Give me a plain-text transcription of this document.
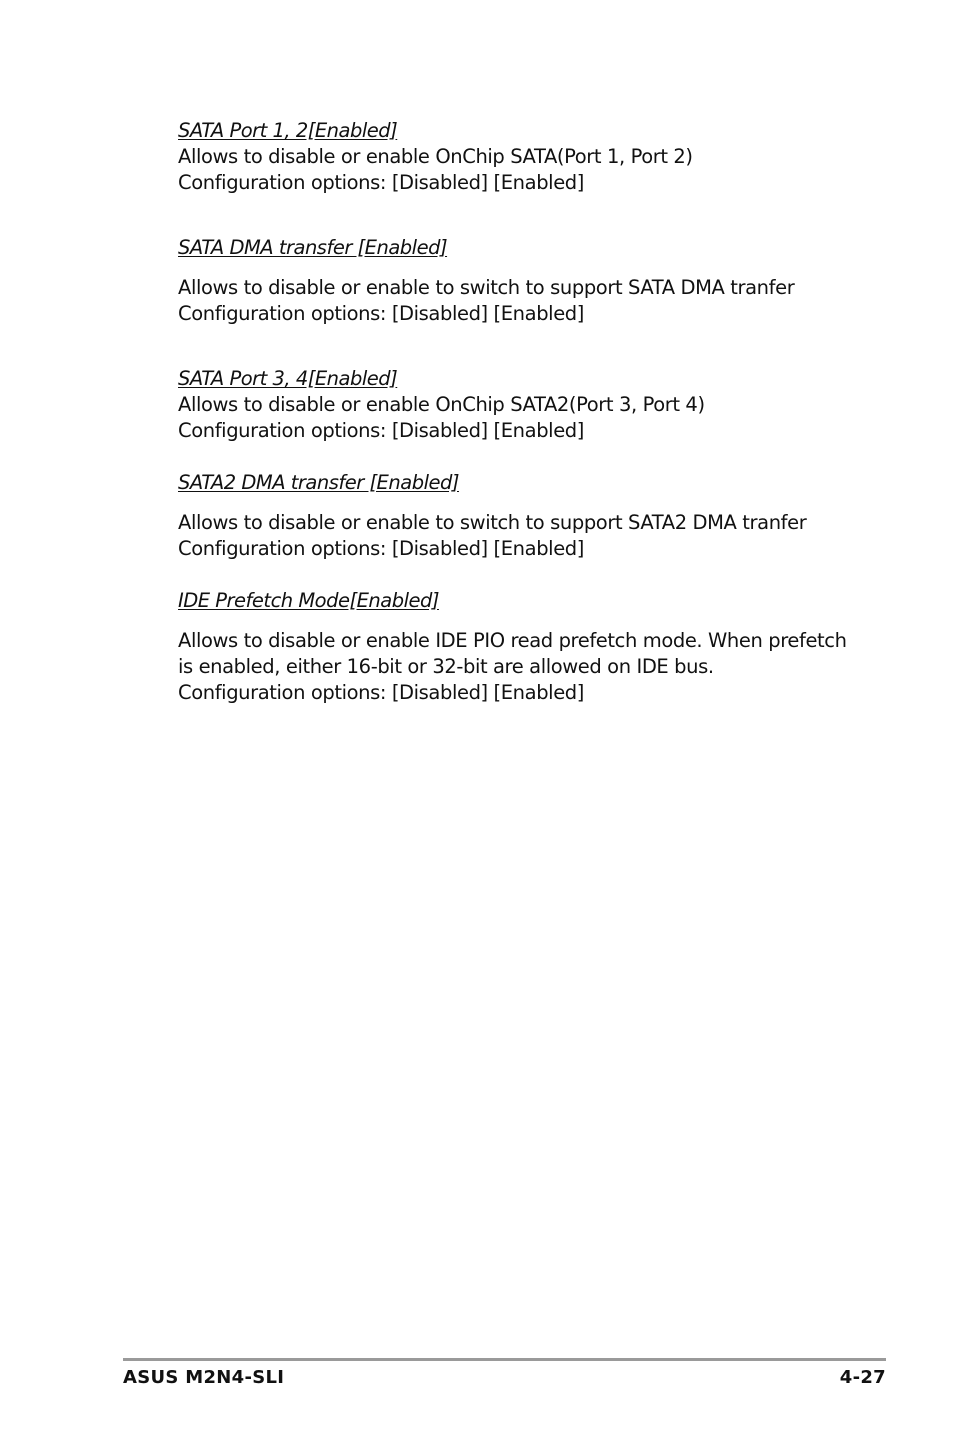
SATA Port 1, 2[Enabled]
Allows to disable or enable OnChip SATA(Port 1, Port 2)
Configuration options: [Disabled] [Enabled]
SATA DMA transfer [Enabled]
Allows to disable or enable to switch to support SATA DMA tranfer
Configuration options: [Disabled] [Enabled]
SATA Port 3, 4[Enabled]
Allows to disable or enable OnChip SATA2(Port 3, Port 4)
Configuration options: [Disabled] [Enabled]
SATA2 DMA transfer [Enabled]
Allows to disable or enable to switch to support SATA2 DMA tranfer
Configuration options: [Disabled] [Enabled]
IDE Prefetch Mode[Enabled]
Allows to disable or enable IDE PIO read prefetch mode. When prefetch
is enabled, either 16-bit or 32-bit are allowed on IDE bus.
Configuration options: [Disabled] [Enabled]
ASUS M2N4-SLI	4-27
